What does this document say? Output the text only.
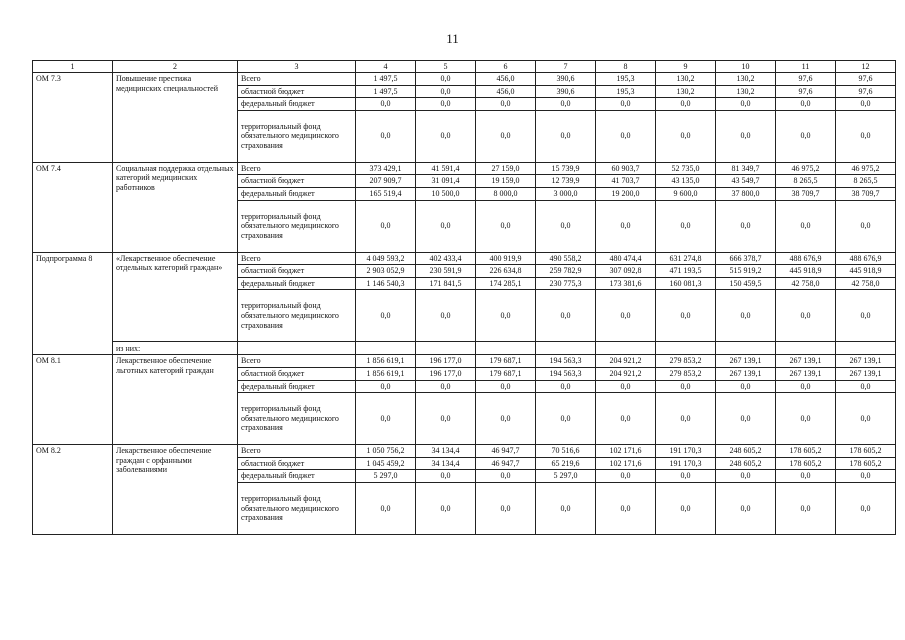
11
1	2	3	4	5	6	7	8	9	10	11	12
ОМ 7.3	Повышение престижа медицинских специальностей	Всего	1 497,5	0,0	456,0	390,6	195,3	130,2	130,2	97,6	97,6
		областной бюджет	1 497,5	0,0	456,0	390,6	195,3	130,2	130,2	97,6	97,6
		федеральный бюджет	0,0	0,0	0,0	0,0	0,0	0,0	0,0	0,0	0,0
		территориальный фонд обязательного медицинского страхования	0,0	0,0	0,0	0,0	0,0	0,0	0,0	0,0	0,0
ОМ 7.4	Социальная поддержка отдельных категорий медицинских работников	Всего	373 429,1	41 591,4	27 159,0	15 739,9	60 903,7	52 735,0	81 349,7	46 975,2	46 975,2
		областной бюджет	207 909,7	31 091,4	19 159,0	12 739,9	41 703,7	43 135,0	43 549,7	8 265,5	8 265,5
		федеральный бюджет	165 519,4	10 500,0	8 000,0	3 000,0	19 200,0	9 600,0	37 800,0	38 709,7	38 709,7
		территориальный фонд обязательного медицинского страхования	0,0	0,0	0,0	0,0	0,0	0,0	0,0	0,0	0,0
Подпрограмма 8	«Лекарственное обеспечение отдельных категорий граждан»	Всего	4 049 593,2	402 433,4	400 919,9	490 558,2	480 474,4	631 274,8	666 378,7	488 676,9	488 676,9
		областной бюджет	2 903 052,9	230 591,9	226 634,8	259 782,9	307 092,8	471 193,5	515 919,2	445 918,9	445 918,9
		федеральный бюджет	1 146 540,3	171 841,5	174 285,1	230 775,3	173 381,6	160 081,3	150 459,5	42 758,0	42 758,0
		территориальный фонд обязательного медицинского страхования	0,0	0,0	0,0	0,0	0,0	0,0	0,0	0,0	0,0
	из них:										
ОМ 8.1	Лекарственное обеспечение льготных категорий граждан	Всего	1 856 619,1	196 177,0	179 687,1	194 563,3	204 921,2	279 853,2	267 139,1	267 139,1	267 139,1
		областной бюджет	1 856 619,1	196 177,0	179 687,1	194 563,3	204 921,2	279 853,2	267 139,1	267 139,1	267 139,1
		федеральный бюджет	0,0	0,0	0,0	0,0	0,0	0,0	0,0	0,0	0,0
		территориальный фонд обязательного медицинского страхования	0,0	0,0	0,0	0,0	0,0	0,0	0,0	0,0	0,0
ОМ 8.2	Лекарственное обеспечение граждан с орфанными заболеваниями	Всего	1 050 756,2	34 134,4	46 947,7	70 516,6	102 171,6	191 170,3	248 605,2	178 605,2	178 605,2
		областной бюджет	1 045 459,2	34 134,4	46 947,7	65 219,6	102 171,6	191 170,3	248 605,2	178 605,2	178 605,2
		федеральный бюджет	5 297,0	0,0	0,0	5 297,0	0,0	0,0	0,0	0,0	0,0
		территориальный фонд обязательного медицинского страхования	0,0	0,0	0,0	0,0	0,0	0,0	0,0	0,0	0,0
